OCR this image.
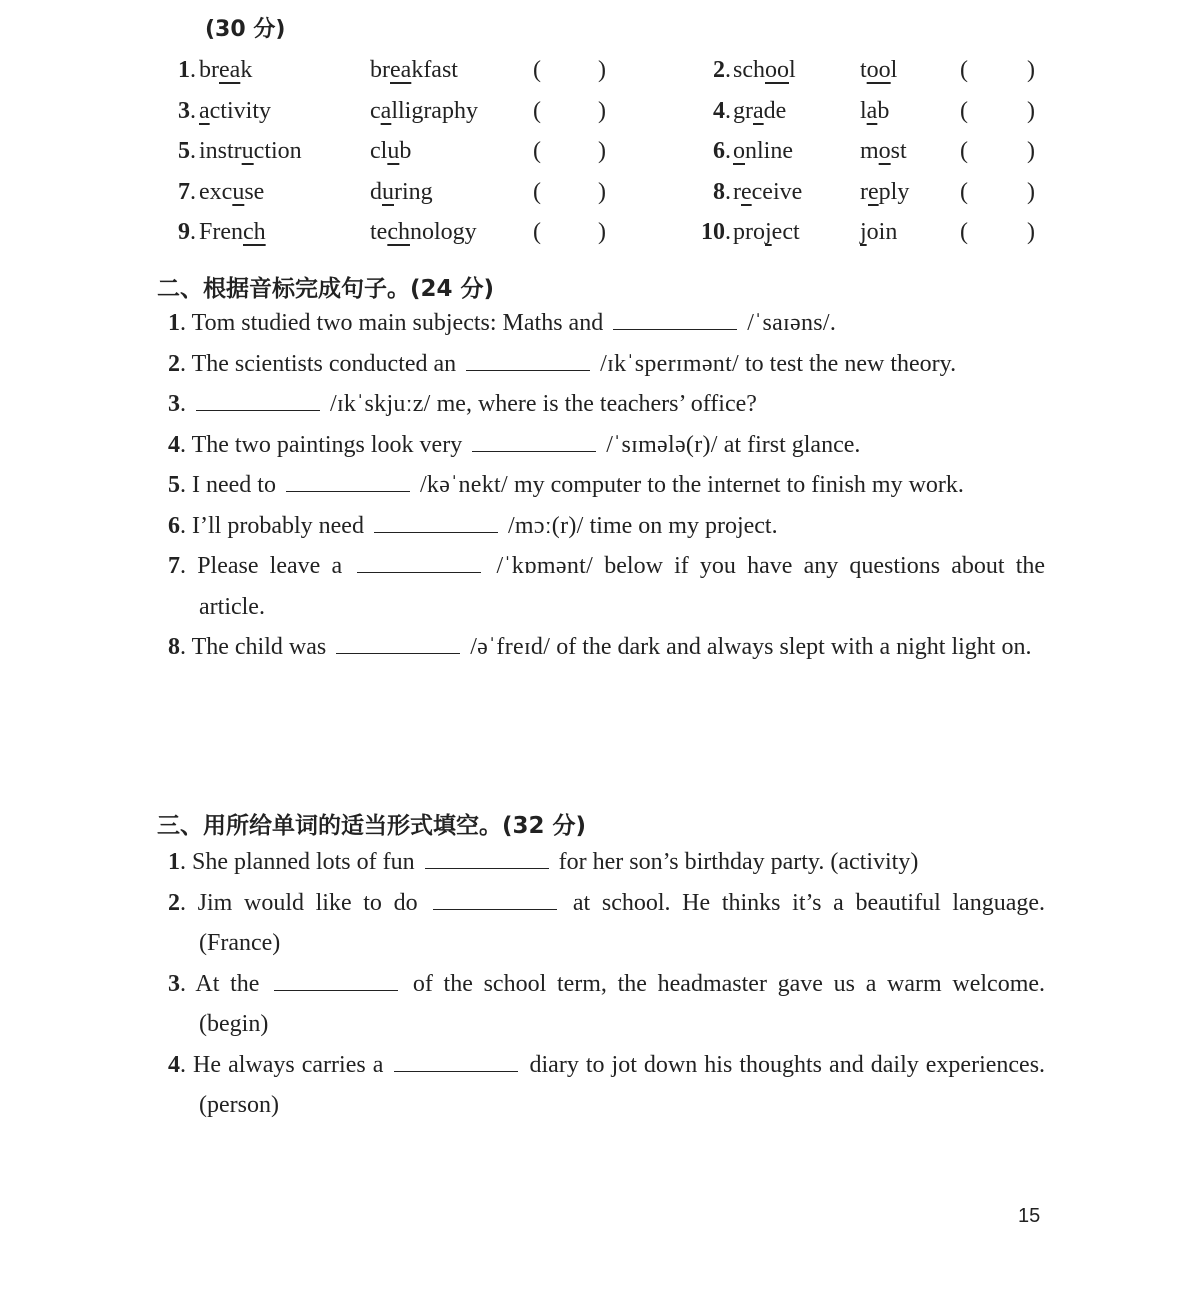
(30 分)
1 . break	breakfast	( )	2 . school	tool	( )
3 . activity	calligraphy ( )	4 . grade	lab	( )
5 . instruction	club	( )	6 . online	most ( )
7 . excuse	during	( )	8 . receive reply ( )
9 . French	technology ( )	10 . project	join	( )
二、根据音标完成句子。(24 分)
1. Tom studied two main subjects: Maths and	/ˈsaɪəns/.
2. The scientists conducted an	/ɪkˈsperɪmənt/ to test the new theory.
3.	/ɪkˈskjuːz/ me, where is the teachers’ office?
4. The two paintings look very	/ˈsɪmələ(r)/ at first glance.
5. I need to	/kəˈnekt/ my computer to the internet to finish my work.
6. I’ll probably need	/mɔː(r)/ time on my project.
7. Please leave a	/ˈkɒmənt/ below if you have any questions about the article.
8. The child was	/əˈfreɪd/ of the dark and always slept with a night light on.
三、用所给单词的适当形式填空。(32 分)
1. She planned lots of fun	for her son’s birthday party. (activity)
2. Jim would like to do	at school. He thinks it’s a beautiful language. (France)
3. At the	of the school term, the headmaster gave us a warm welcome. (begin)
4. He always carries a	diary to jot down his thoughts and daily experiences. (person)
15
